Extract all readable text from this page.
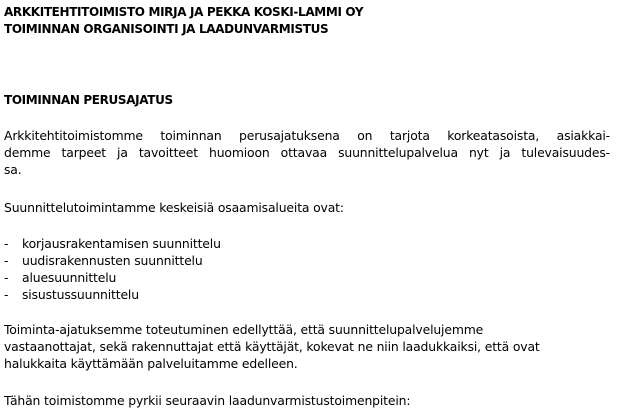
ARKKITEHTITOIMISTO MIRJA JA PEKKA KOSKI-LAMMI OY
TOIMINNAN ORGANISOINTI JA LAADUNVARMISTUS
TOIMINNAN PERUSAJATUS
Arkkitehtitoimistomme toiminnan perusajatuksena on tarjota korkeatasoista, asiakkai-
demme tarpeet ja tavoitteet huomioon ottavaa suunnittelupalvelua nyt ja tulevaisuudes-
sa.
Suunnittelutoimintamme keskeisiä osaamisalueita ovat:
- korjausrakentamisen suunnittelu
- uudisrakennusten suunnittelu
- aluesuunnittelu
- sisustussuunnittelu
Toiminta-ajatuksemme toteutuminen edellyttää, että suunnittelupalvelujemme
vastaanottajat, sekä rakennuttajat että käyttäjät, kokevat ne niin laadukkaiksi, että ovat
halukkaita käyttämään palveluitamme edelleen.
Tähän toimistomme pyrkii seuraavin laadunvarmistustoimenpitein:
